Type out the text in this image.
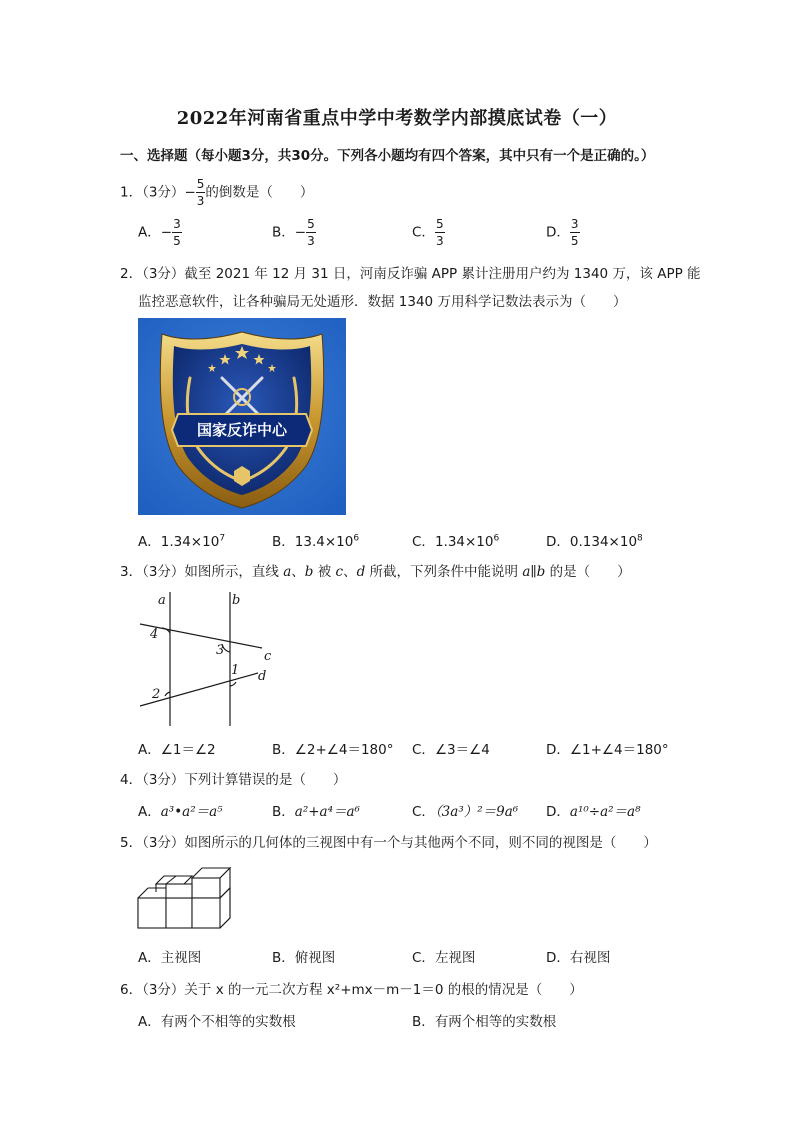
2022年河南省重点中学中考数学内部摸底试卷（一）
一、选择题（每小题3分，共30分。下列各小题均有四个答案，其中只有一个是正确的。）
1．（3分）− $\frac{5}{3}$ 的倒数是（　　）
A．− $\frac{3}{5}$	B．− $\frac{5}{3}$	C． $\frac{5}{3}$	D． $\frac{3}{5}$
2．（3分）截至 2021 年 12 月 31 日，河南反诈骗 APP 累计注册用户约为 1340 万，该 APP 能
监控恶意软件，让各种骗局无处遁形．数据 1340 万用科学记数法表示为（　　）
国家反诈中心
A．$1.34\times 10^7$	B．$13.4\times 10^6$	C．$1.34\times 10^6$	D．$0.134\times 10^8$
3．（3分）如图所示，直线 a、b 被 c、d 所截，下列条件中能说明 a∥b 的是（　　）
a	b
c
d
1
2
3
4
A．∠1＝∠2	B．∠2+∠4＝180° C．∠3＝∠4	D．∠1+∠4＝180°
4．（3分）下列计算错误的是（　　）
A．a³•a²＝a⁵	B．a²+a⁴＝a⁶	C．（3a³）²＝9a⁶ D．a¹⁰÷a²＝a⁸
5．（3分）如图所示的几何体的三视图中有一个与其他两个不同，则不同的视图是（　　）
A．主视图	B．俯视图	C．左视图	D．右视图
6．（3分）关于 x 的一元二次方程 x²+mx－m－1＝0 的根的情况是（　　）
A．有两个不相等的实数根	B．有两个相等的实数根
